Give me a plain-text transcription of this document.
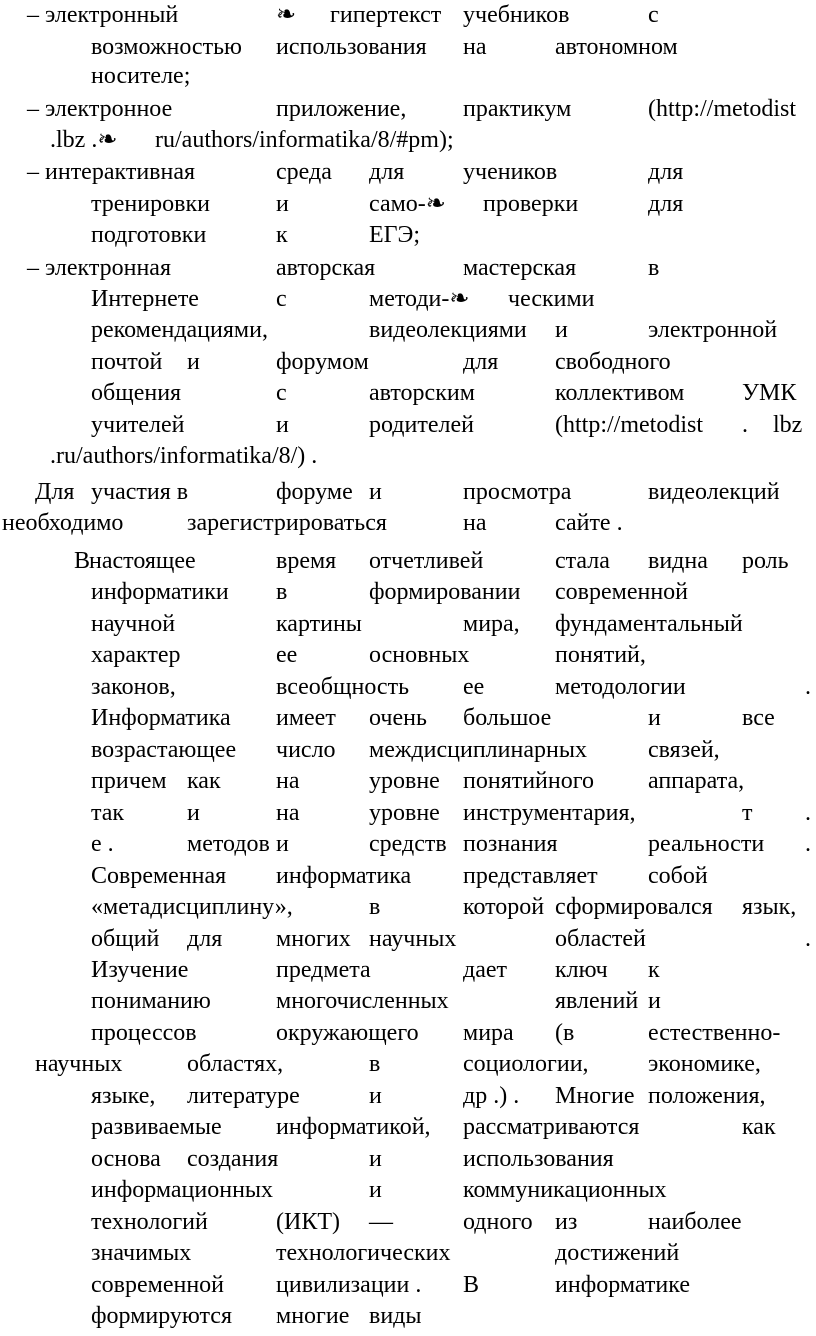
– электронный	❧ гипертекст учебников	с
возможностью использования на	автономном
носителе;
– электронное	приложение, практикум	(http://metodist
.lbz .❧ ru/authors/informatika/8/#pm);
– интерактивная	среда для учеников	для
тренировки	и	само-❧ проверки	для
подготовки	к	ЕГЭ;
– электронная	авторская	мастерская	в
Интернете	с	методи-❧ ческими
рекомендациями,	видеолекциями и	электронной
почтой и	форумом	для свободного
общения	с	авторским	коллективом УМК
учителей	и	родителей	(http://metodist . lbz
.ru/authors/informatika/8/) .
Для участия в	форуме и	просмотра	видеолекций
необходимо	зарегистрироваться	на	сайте .
В
настоящее	время отчетливей	стала видна роль
информатики в	формировании современной
научной	картины	мира, фундаментальный
характер	ее	основных	понятий,
законов,	всеобщность ее	методологии	.
Информатика имеет очень большое	и	все
возрастающее число междисциплинарных	связей,
причем как на	уровне понятийного аппарата,
так	и	на	уровне инструментария,	т .
е .	методов и	средств познания	реальности .
Современная информатика представляет собой
«метадисциплину»,	в	которой сформировался язык,
общий для многих научных	областей	.
Изучение	предмета	дает ключ к
пониманию	многочисленных	явлений и
процессов	окружающего мира (в	естественно-
научных	областях,	в	социологии, экономике,
языке, литературе	и	др .) . Многие положения,
развиваемые информатикой, рассматриваются	как
основа создания	и	использования
информационных	и	коммуникационных
технологий	(ИКТ) —	одного из	наиболее
значимых	технологических	достижений
современной цивилизации . В	информатике
формируются многие виды
